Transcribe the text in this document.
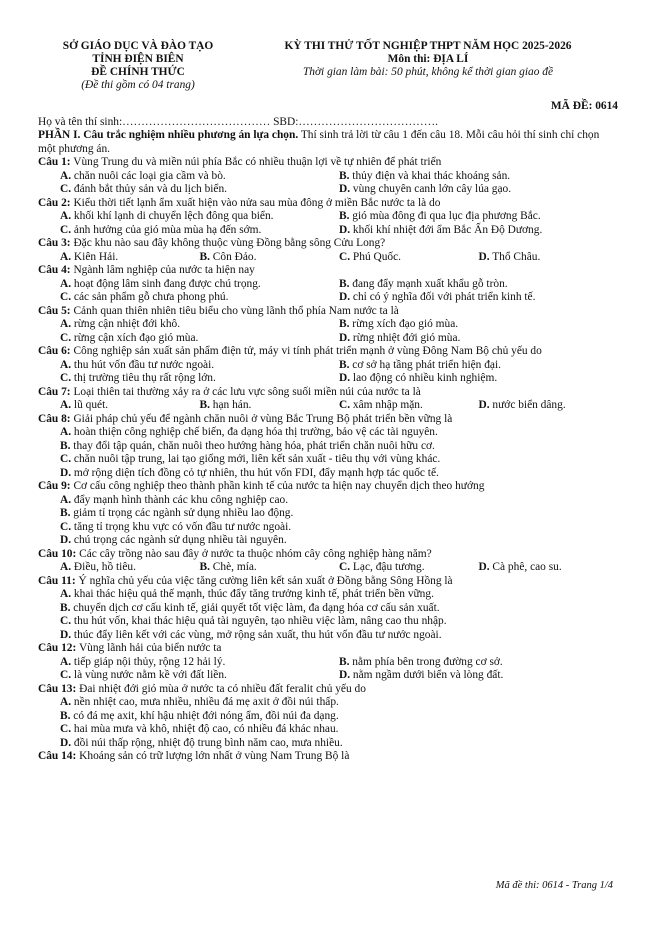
SỞ GIÁO DỤC VÀ ĐÀO TẠO
TỈNH ĐIỆN BIÊN
ĐỀ CHÍNH THỨC
(Đề thi gồm có 04 trang)
KỲ THI THỬ TỐT NGHIỆP THPT NĂM HỌC 2025-2026
Môn thi: ĐỊA LÍ
Thời gian làm bài: 50 phút, không kể thời gian giao đề
MÃ ĐỀ: 0614
Họ và tên thí sinh:………………………………… SBD:……………………………….
PHẦN I. Câu trắc nghiệm nhiều phương án lựa chọn. Thí sinh trả lời từ câu 1 đến câu 18. Mỗi câu hỏi thí sinh chỉ chọn một phương án.
Câu 1: Vùng Trung du và miền núi phía Bắc có nhiều thuận lợi về tự nhiên để phát triển
A. chăn nuôi các loại gia cầm và bò.	B. thủy điện và khai thác khoáng sản.
C. đánh bắt thủy sản và du lịch biển.	D. vùng chuyên canh lớn cây lúa gạo.
Câu 2: Kiểu thời tiết lạnh ẩm xuất hiện vào nửa sau mùa đông ở miền Bắc nước ta là do
A. khối khí lạnh di chuyển lệch đông qua biển.	B. gió mùa đông đi qua lục địa phương Bắc.
C. ảnh hưởng của gió mùa mùa hạ đến sớm.	D. khối khí nhiệt đới ẩm Bắc Ấn Độ Dương.
Câu 3: Đặc khu nào sau đây không thuộc vùng Đồng bằng sông Cửu Long?
A. Kiên Hải.	B. Côn Đảo.	C. Phú Quốc.	D. Thổ Châu.
Câu 4: Ngành lâm nghiệp của nước ta hiện nay
A. hoạt động lâm sinh đang được chú trọng.	B. đang đẩy mạnh xuất khẩu gỗ tròn.
C. các sản phẩm gỗ chưa phong phú.	D. chỉ có ý nghĩa đối với phát triển kinh tế.
Câu 5: Cảnh quan thiên nhiên tiêu biểu cho vùng lãnh thổ phía Nam nước ta là
A. rừng cận nhiệt đới khô.	B. rừng xích đạo gió mùa.
C. rừng cận xích đạo gió mùa.	D. rừng nhiệt đới gió mùa.
Câu 6: Công nghiệp sản xuất sản phẩm điện tử, máy vi tính phát triển mạnh ở vùng Đông Nam Bộ chủ yếu do
A. thu hút vốn đầu tư nước ngoài.	B. cơ sở hạ tầng phát triển hiện đại.
C. thị trường tiêu thụ rất rộng lớn.	D. lao động có nhiều kinh nghiệm.
Câu 7: Loại thiên tai thường xảy ra ở các lưu vực sông suối miền núi của nước ta là
A. lũ quét.	B. hạn hán.	C. xâm nhập mặn.	D. nước biển dâng.
Câu 8: Giải pháp chủ yếu để ngành chăn nuôi ở vùng Bắc Trung Bộ phát triển bền vững là
A. hoàn thiện công nghiệp chế biến, đa dạng hóa thị trường, bảo vệ các tài nguyên.
B. thay đổi tập quán, chăn nuôi theo hướng hàng hóa, phát triển chăn nuôi hữu cơ.
C. chăn nuôi tập trung, lai tạo giống mới, liên kết sản xuất - tiêu thụ với vùng khác.
D. mở rộng diện tích đồng cỏ tự nhiên, thu hút vốn FDI, đẩy mạnh hợp tác quốc tế.
Câu 9: Cơ cấu công nghiệp theo thành phần kinh tế của nước ta hiện nay chuyển dịch theo hướng
A. đẩy mạnh hình thành các khu công nghiệp cao.
B. giảm tỉ trọng các ngành sử dụng nhiều lao động.
C. tăng tỉ trọng khu vực có vốn đầu tư nước ngoài.
D. chú trọng các ngành sử dụng nhiều tài nguyên.
Câu 10: Các cây trồng nào sau đây ở nước ta thuộc nhóm cây công nghiệp hàng năm?
A. Điều, hồ tiêu.	B. Chè, mía.	C. Lạc, đậu tương.	D. Cà phê, cao su.
Câu 11: Ý nghĩa chủ yếu của việc tăng cường liên kết sản xuất ở Đồng bằng Sông Hồng là
A. khai thác hiệu quả thế mạnh, thúc đẩy tăng trưởng kinh tế, phát triển bền vững.
B. chuyển dịch cơ cấu kinh tế, giải quyết tốt việc làm, đa dạng hóa cơ cấu sản xuất.
C. thu hút vốn, khai thác hiệu quả tài nguyên, tạo nhiều việc làm, nâng cao thu nhập.
D. thúc đẩy liên kết với các vùng, mở rộng sản xuất, thu hút vốn đầu tư nước ngoài.
Câu 12: Vùng lãnh hải của biển nước ta
A. tiếp giáp nội thủy, rộng 12 hải lý.	B. nằm phía bên trong đường cơ sở.
C. là vùng nước nằm kề với đất liền.	D. nằm ngầm dưới biển và lòng đất.
Câu 13: Đai nhiệt đới gió mùa ở nước ta có nhiều đất feralit chủ yếu do
A. nền nhiệt cao, mưa nhiều, nhiều đá mẹ axit ở đồi núi thấp.
B. có đá mẹ axit, khí hậu nhiệt đới nóng ẩm, đồi núi đa dạng.
C. hai mùa mưa và khô, nhiệt độ cao, có nhiều đá khác nhau.
D. đồi núi thấp rộng, nhiệt độ trung bình năm cao, mưa nhiều.
Câu 14: Khoáng sản có trữ lượng lớn nhất ở vùng Nam Trung Bộ là
Mã đề thi: 0614 - Trang 1/4
